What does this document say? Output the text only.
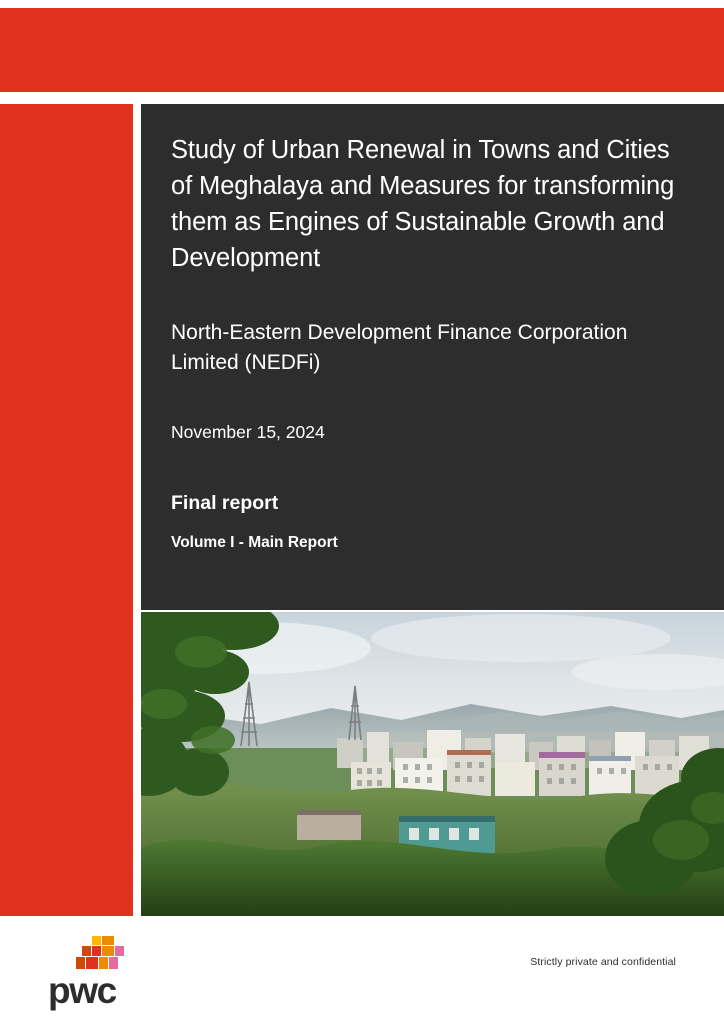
Study of Urban Renewal in Towns and Cities of Meghalaya and Measures for transforming them as Engines of Sustainable Growth and Development

North-Eastern Development Finance Corporation Limited (NEDFi)

November 15, 2024

Final report

Volume I - Main Report

pwc
Strictly private and confidential
